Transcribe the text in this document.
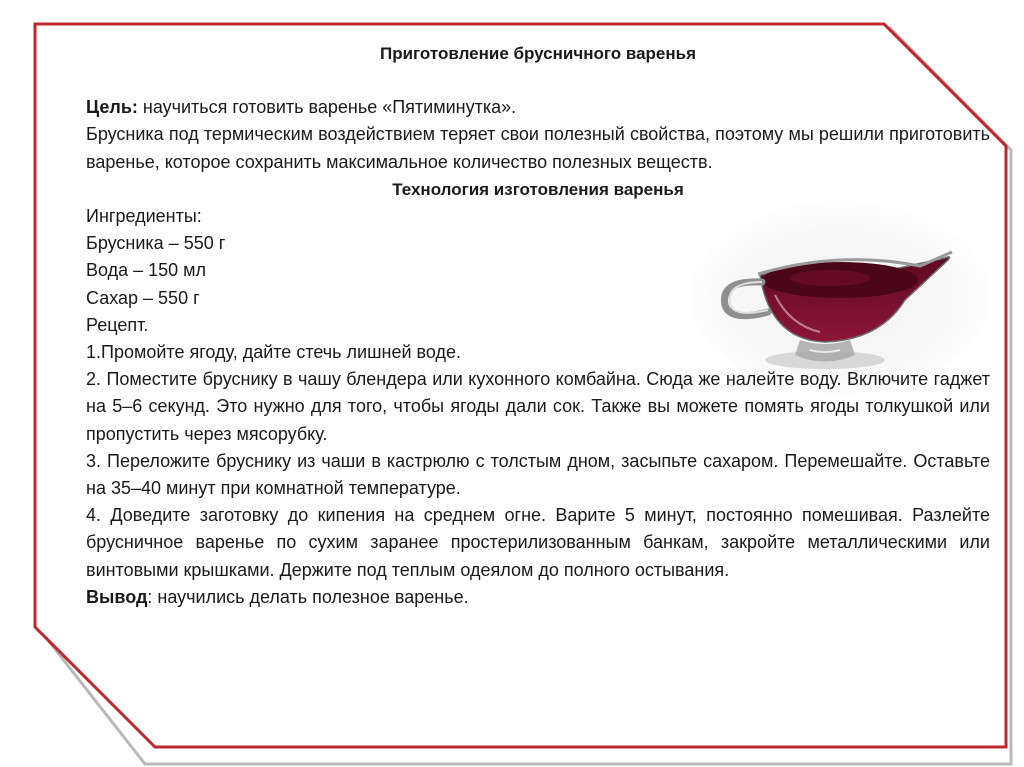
Приготовление брусничного варенья

Цель: научиться готовить варенье «Пятиминутка».

Брусника под термическим воздействием теряет свои полезный свойства, поэтому мы решили приготовить варенье, которое сохранить максимальное количество полезных веществ.

Технология изготовления варенья

Ингредиенты:

Брусника – 550 г

Вода – 150 мл

Сахар – 550 г

Рецепт.

1.Промойте ягоду, дайте стечь лишней воде.

2. Поместите бруснику в чашу блендера или кухонного комбайна. Сюда же налейте воду. Включите гаджет на 5–6 секунд. Это нужно для того, чтобы ягоды дали сок. Также вы можете помять ягоды толкушкой или пропустить через мясорубку.

3. Переложите бруснику из чаши в кастрюлю с толстым дном, засыпьте сахаром. Перемешайте. Оставьте на 35–40 минут при комнатной температуре.

4. Доведите заготовку до кипения на среднем огне. Варите 5 минут, постоянно помешивая. Разлейте брусничное варенье по сухим заранее простерилизованным банкам, закройте металлическими или винтовыми крышками. Держите под теплым одеялом до полного остывания.

Вывод: научились делать полезное варенье.
